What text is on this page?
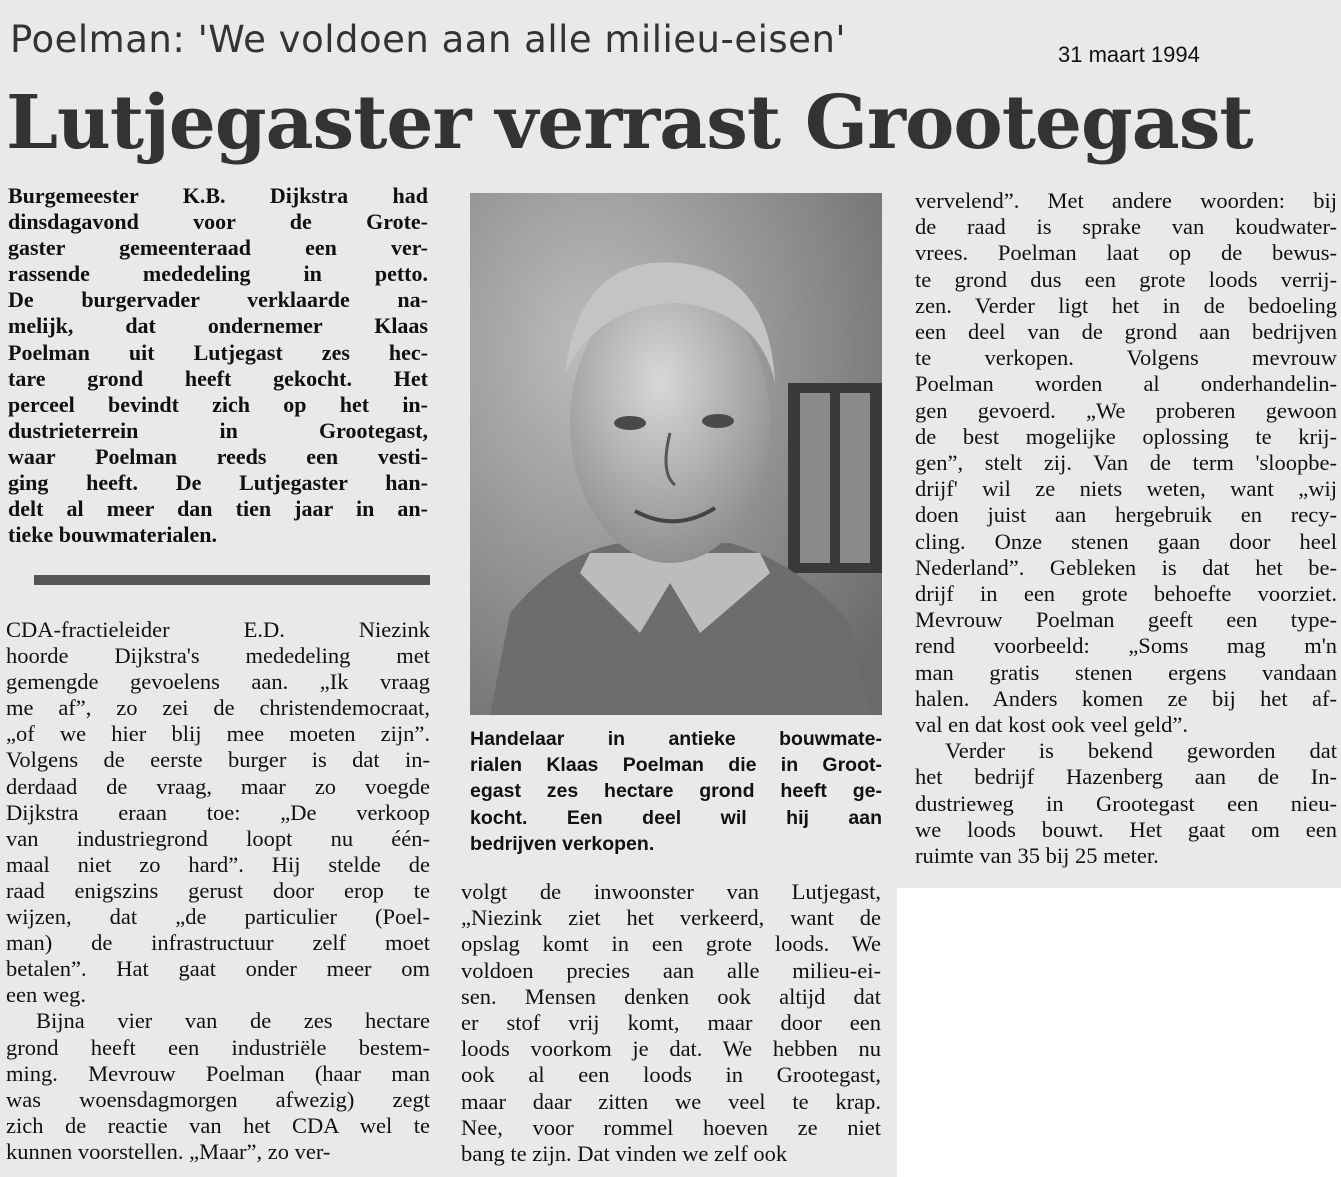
Poelman: 'We voldoen aan alle milieu-eisen'	31 maart 1994
Lutjegaster verrast Grootegast

Burgemeester K.B. Dijkstra had

dinsdagavond voor de Grote-

gaster gemeenteraad een ver-

rassende mededeling in petto.

De burgervader verklaarde na-

melijk, dat ondernemer Klaas

Poelman uit Lutjegast zes hec-

tare grond heeft gekocht. Het

perceel bevindt zich op het in-

dustrieterrein in Grootegast,

waar Poelman reeds een vesti-

ging heeft. De Lutjegaster han-

delt al meer dan tien jaar in an-

tieke bouwmaterialen.

CDA-fractieleider E.D. Niezink

hoorde Dijkstra's mededeling met

gemengde gevoelens aan. „Ik vraag

me af”, zo zei de christendemocraat,

„of we hier blij mee moeten zijn”.

Volgens de eerste burger is dat in-

derdaad de vraag, maar zo voegde

Dijkstra eraan toe: „De verkoop

van industriegrond loopt nu één-

maal niet zo hard”. Hij stelde de

raad enigszins gerust door erop te

wijzen, dat „de particulier (Poel-

man) de infrastructuur zelf moet

betalen”. Hat gaat onder meer om

een weg.

Bijna vier van de zes hectare

grond heeft een industriële bestem-

ming. Mevrouw Poelman (haar man

was woensdagmorgen afwezig) zegt

zich de reactie van het CDA wel te

kunnen voorstellen. „Maar”, zo ver-

Handelaar in antieke bouwmate-

rialen Klaas Poelman die in Groot-

egast zes hectare grond heeft ge-

kocht. Een deel wil hij aan

bedrijven verkopen.

volgt de inwoonster van Lutjegast,

„Niezink ziet het verkeerd, want de

opslag komt in een grote loods. We

voldoen precies aan alle milieu-ei-

sen. Mensen denken ook altijd dat

er stof vrij komt, maar door een

loods voorkom je dat. We hebben nu

ook al een loods in Grootegast,

maar daar zitten we veel te krap.

Nee, voor rommel hoeven ze niet

bang te zijn. Dat vinden we zelf ook

vervelend”. Met andere woorden: bij

de raad is sprake van koudwater-

vrees. Poelman laat op de bewus-

te grond dus een grote loods verrij-

zen. Verder ligt het in de bedoeling

een deel van de grond aan bedrijven

te verkopen. Volgens mevrouw

Poelman worden al onderhandelin-

gen gevoerd. „We proberen gewoon

de best mogelijke oplossing te krij-

gen”, stelt zij. Van de term 'sloopbe-

drijf' wil ze niets weten, want „wij

doen juist aan hergebruik en recy-

cling. Onze stenen gaan door heel

Nederland”. Gebleken is dat het be-

drijf in een grote behoefte voorziet.

Mevrouw Poelman geeft een type-

rend voorbeeld: „Soms mag m'n

man gratis stenen ergens vandaan

halen. Anders komen ze bij het af-

val en dat kost ook veel geld”.

Verder is bekend geworden dat

het bedrijf Hazenberg aan de In-

dustrieweg in Grootegast een nieu-

we loods bouwt. Het gaat om een

ruimte van 35 bij 25 meter.
